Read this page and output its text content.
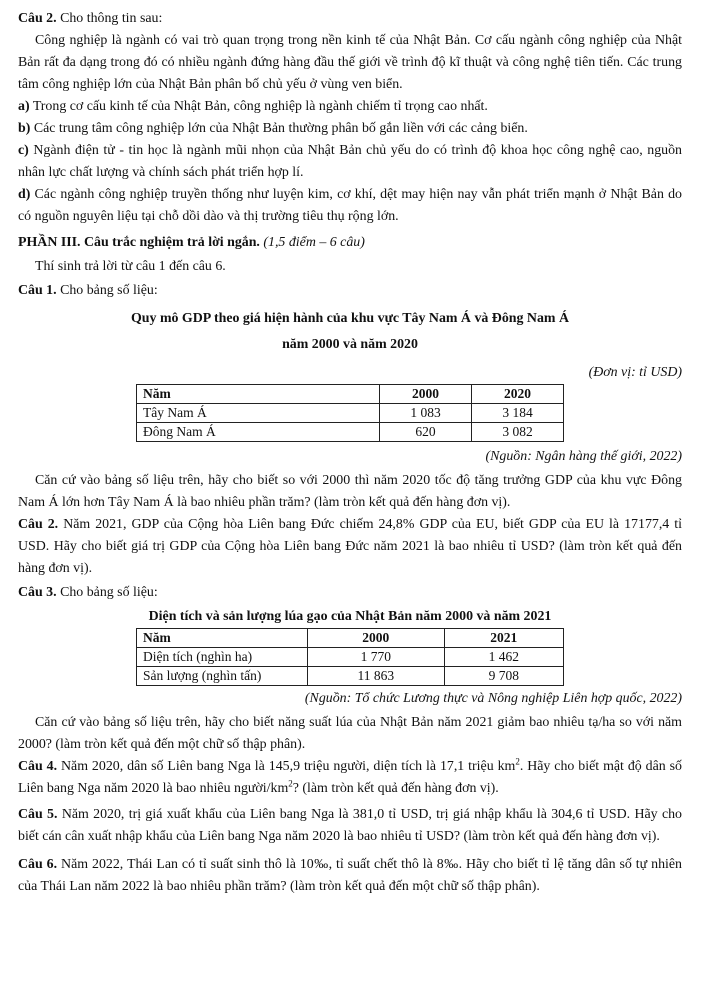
Câu 2. Cho thông tin sau:

Công nghiệp là ngành có vai trò quan trọng trong nền kinh tế của Nhật Bản. Cơ cấu ngành công nghiệp của Nhật Bản rất đa dạng trong đó có nhiều ngành đứng hàng đầu thế giới về trình độ kĩ thuật và công nghệ tiên tiến. Các trung tâm công nghiệp lớn của Nhật Bản phân bố chủ yếu ở vùng ven biển.

a) Trong cơ cấu kinh tế của Nhật Bản, công nghiệp là ngành chiếm tỉ trọng cao nhất.

b) Các trung tâm công nghiệp lớn của Nhật Bản thường phân bố gắn liền với các cảng biển.

c) Ngành điện tử - tin học là ngành mũi nhọn của Nhật Bản chủ yếu do có trình độ khoa học công nghệ cao, nguồn nhân lực chất lượng và chính sách phát triển hợp lí.

d) Các ngành công nghiệp truyền thống như luyện kim, cơ khí, dệt may hiện nay vẫn phát triển mạnh ở Nhật Bản do có nguồn nguyên liệu tại chỗ dồi dào và thị trường tiêu thụ rộng lớn.

PHẦN III. Câu trắc nghiệm trả lời ngắn. (1,5 điểm – 6 câu)

Thí sinh trả lời từ câu 1 đến câu 6.

Câu 1. Cho bảng số liệu:

Quy mô GDP theo giá hiện hành của khu vực Tây Nam Á và Đông Nam Á

năm 2000 và năm 2020

(Đơn vị: tỉ USD)

Năm	2000	2020
Tây Nam Á	1 083	3 184
Đông Nam Á	620	3 082

(Nguồn: Ngân hàng thế giới, 2022)

Căn cứ vào bảng số liệu trên, hãy cho biết so với 2000 thì năm 2020 tốc độ tăng trưởng GDP của khu vực Đông Nam Á lớn hơn Tây Nam Á là bao nhiêu phần trăm? (làm tròn kết quả đến hàng đơn vị).

Câu 2. Năm 2021, GDP của Cộng hòa Liên bang Đức chiếm 24,8% GDP của EU, biết GDP của EU là 17177,4 tỉ USD. Hãy cho biết giá trị GDP của Cộng hòa Liên bang Đức năm 2021 là bao nhiêu tỉ USD? (làm tròn kết quả đến hàng đơn vị).

Câu 3. Cho bảng số liệu:

Diện tích và sản lượng lúa gạo của Nhật Bản năm 2000 và năm 2021

Năm	2000	2021
Diện tích (nghìn ha)	1 770	1 462
Sản lượng (nghìn tấn)	11 863	9 708

(Nguồn: Tổ chức Lương thực và Nông nghiệp Liên hợp quốc, 2022)

Căn cứ vào bảng số liệu trên, hãy cho biết năng suất lúa của Nhật Bản năm 2021 giảm bao nhiêu tạ/ha so với năm 2000? (làm tròn kết quả đến một chữ số thập phân).

Câu 4. Năm 2020, dân số Liên bang Nga là 145,9 triệu người, diện tích là 17,1 triệu $km^2$. Hãy cho biết mật độ dân số Liên bang Nga năm 2020 là bao nhiêu người/$km^2$? (làm tròn kết quả đến hàng đơn vị).

Câu 5. Năm 2020, trị giá xuất khẩu của Liên bang Nga là 381,0 tỉ USD, trị giá nhập khẩu là 304,6 tỉ USD. Hãy cho biết cán cân xuất nhập khẩu của Liên bang Nga năm 2020 là bao nhiêu tỉ USD? (làm tròn kết quả đến hàng đơn vị).

Câu 6. Năm 2022, Thái Lan có tỉ suất sinh thô là 10‰, tỉ suất chết thô là 8‰. Hãy cho biết tỉ lệ tăng dân số tự nhiên của Thái Lan năm 2022 là bao nhiêu phần trăm? (làm tròn kết quả đến một chữ số thập phân).
